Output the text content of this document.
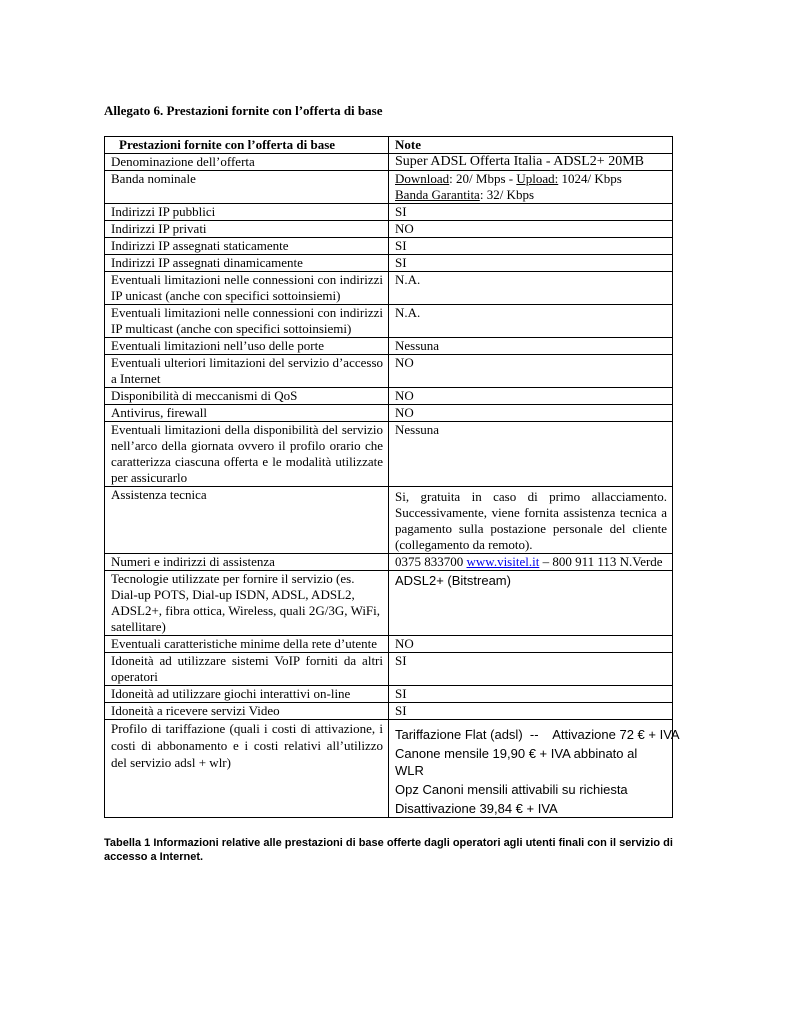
Allegato 6. Prestazioni fornite con l’offerta di base
Prestazioni fornite con l’offerta di base	Note
Denominazione dell’offerta	Super ADSL Offerta Italia - ADSL2+ 20MB
Banda nominale	Download: 20/ Mbps - Upload: 1024/ Kbps
Banda Garantita: 32/ Kbps

Indirizzi IP pubblici	SI
Indirizzi IP privati	NO
Indirizzi IP assegnati staticamente	SI
Indirizzi IP assegnati dinamicamente	SI
Eventuali limitazioni nelle connessioni con indirizzi IP unicast (anche con specifici sottoinsiemi)	N.A.
Eventuali limitazioni nelle connessioni con indirizzi IP multicast (anche con specifici sottoinsiemi)	N.A.
Eventuali limitazioni nell’uso delle porte	Nessuna
Eventuali ulteriori limitazioni del servizio d’accesso a Internet	NO
Disponibilità di meccanismi di QoS	NO
Antivirus, firewall	NO
Eventuali limitazioni della disponibilità del servizio nell’arco della giornata ovvero il profilo orario che caratterizza ciascuna offerta e le modalità utilizzate per assicurarlo	Nessuna
Assistenza tecnica	Si, gratuita in caso di primo allacciamento. Successivamente, viene fornita assistenza tecnica a pagamento sulla postazione personale del cliente (collegamento da remoto).
Numeri e indirizzi di assistenza	0375 833700 www.visitel.it – 800 911 113 N.Verde
Tecnologie utilizzate per fornire il servizio (es. Dial-up POTS, Dial-up ISDN, ADSL, ADSL2, ADSL2+, fibra ottica, Wireless, quali 2G/3G, WiFi, satellitare)	ADSL2+ (Bitstream)
Eventuali caratteristiche minime della rete d’utente	NO
Idoneità ad utilizzare sistemi VoIP forniti da altri operatori	SI
Idoneità ad utilizzare giochi interattivi on-line	SI
Idoneità a ricevere servizi Video	SI
Profilo di tariffazione (quali i costi di attivazione, i costi di abbonamento e i costi relativi all’utilizzo del servizio adsl + wlr)	Tariffazione Flat (adsl)  --    Attivazione 72 € + IVA
Canone mensile 19,90 € + IVA abbinato al WLR
Opz Canoni mensili attivabili su richiesta
Disattivazione 39,84 € + IVA
Tabella 1 Informazioni relative alle prestazioni di base offerte dagli operatori agli utenti finali con il servizio di accesso a Internet.
